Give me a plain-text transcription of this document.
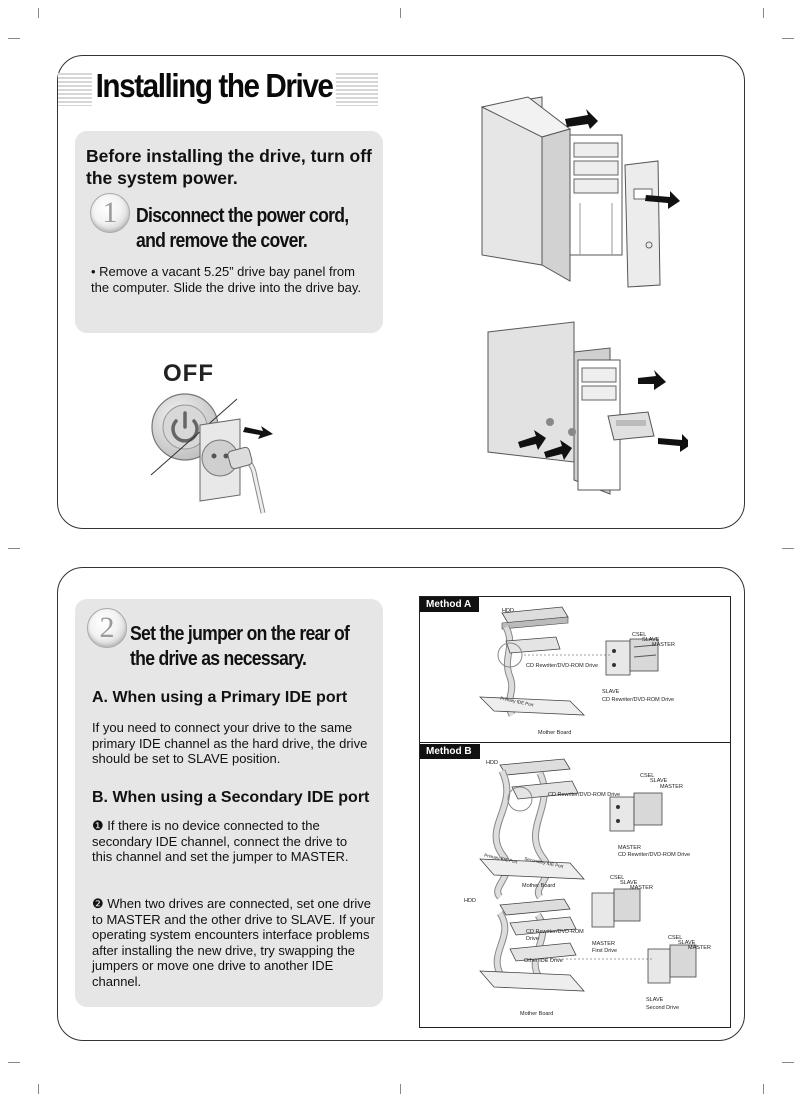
Installing the Drive
Before installing the drive, turn off the system power.
1 Disconnect the power cord, and remove the cover.
• Remove a vacant 5.25” drive bay panel from the computer. Slide the drive into the drive bay.
OFF
2 Set the jumper on the rear of the drive as necessary.
A. When using a Primary IDE port
If you need to connect your drive to the same primary IDE channel as the hard drive, the drive should be set to SLAVE position.
B. When using a Secondary IDE port
❶ If there is no device connected to the secondary IDE channel, connect the drive to this channel and set the jumper to MASTER.
❷ When two drives are connected, set one drive to MASTER and the other drive to SLAVE. If your operating system encounters interface problems after installing the new drive, try swapping the jumpers or move one drive to another IDE channel.
Method A
Method B
HDD
CD Rewriter/DVD-ROM Drive
CSEL
SLAVE
MASTER
SLAVE
CD Rewriter/DVD-ROM Drive
Primary IDE Port
Mother Board
HDD
CD Rewriter/DVD-ROM Drive
CSEL
SLAVE
MASTER
MASTER
CD Rewriter/DVD-ROM Drive
Primary IDE Port Secondary IDE Port
Mother Board
HDD
CD Rewriter/DVD-ROM Drive
Other IDE Drive
CSEL
SLAVE
MASTER
MASTER
First Drive
CSEL
SLAVE
MASTER
SLAVE
Second Drive
Mother Board
